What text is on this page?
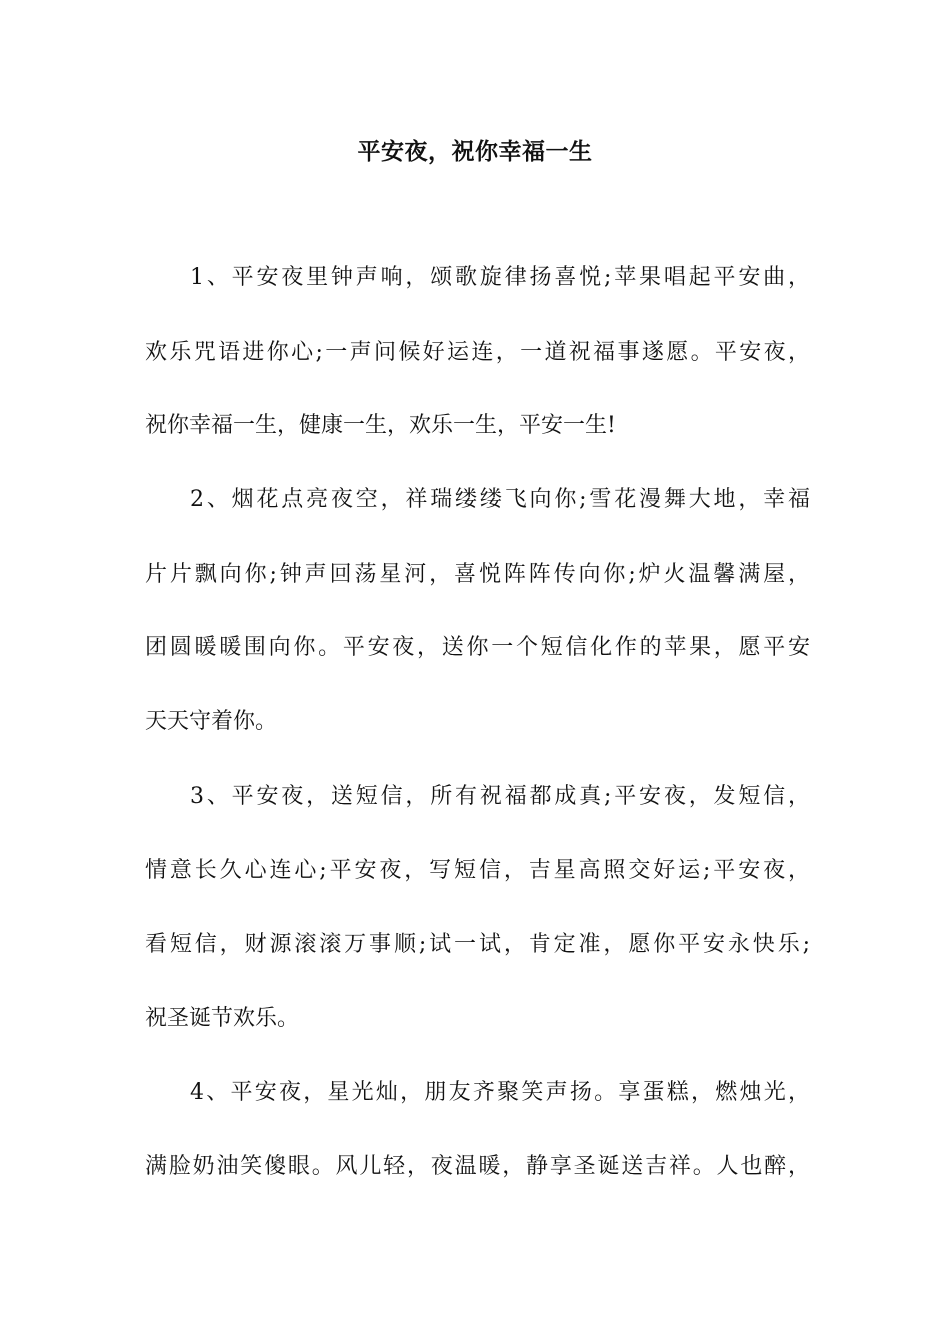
平安夜，祝你幸福一生
1、平安夜里钟声响，颂歌旋律扬喜悦;苹果唱起平安曲，
欢乐咒语进你心;一声问候好运连，一道祝福事遂愿。平安夜，
祝你幸福一生，健康一生，欢乐一生，平安一生!
2、烟花点亮夜空，祥瑞缕缕飞向你;雪花漫舞大地，幸福
片片飘向你;钟声回荡星河，喜悦阵阵传向你;炉火温馨满屋，
团圆暖暖围向你。平安夜，送你一个短信化作的苹果，愿平安
天天守着你。
3、平安夜，送短信，所有祝福都成真;平安夜，发短信，
情意长久心连心;平安夜，写短信，吉星高照交好运;平安夜，
看短信，财源滚滚万事顺;试一试，肯定准，愿你平安永快乐;
祝圣诞节欢乐。
4、平安夜，星光灿，朋友齐聚笑声扬。享蛋糕，燃烛光，
满脸奶油笑傻眼。风儿轻，夜温暖，静享圣诞送吉祥。人也醉，
